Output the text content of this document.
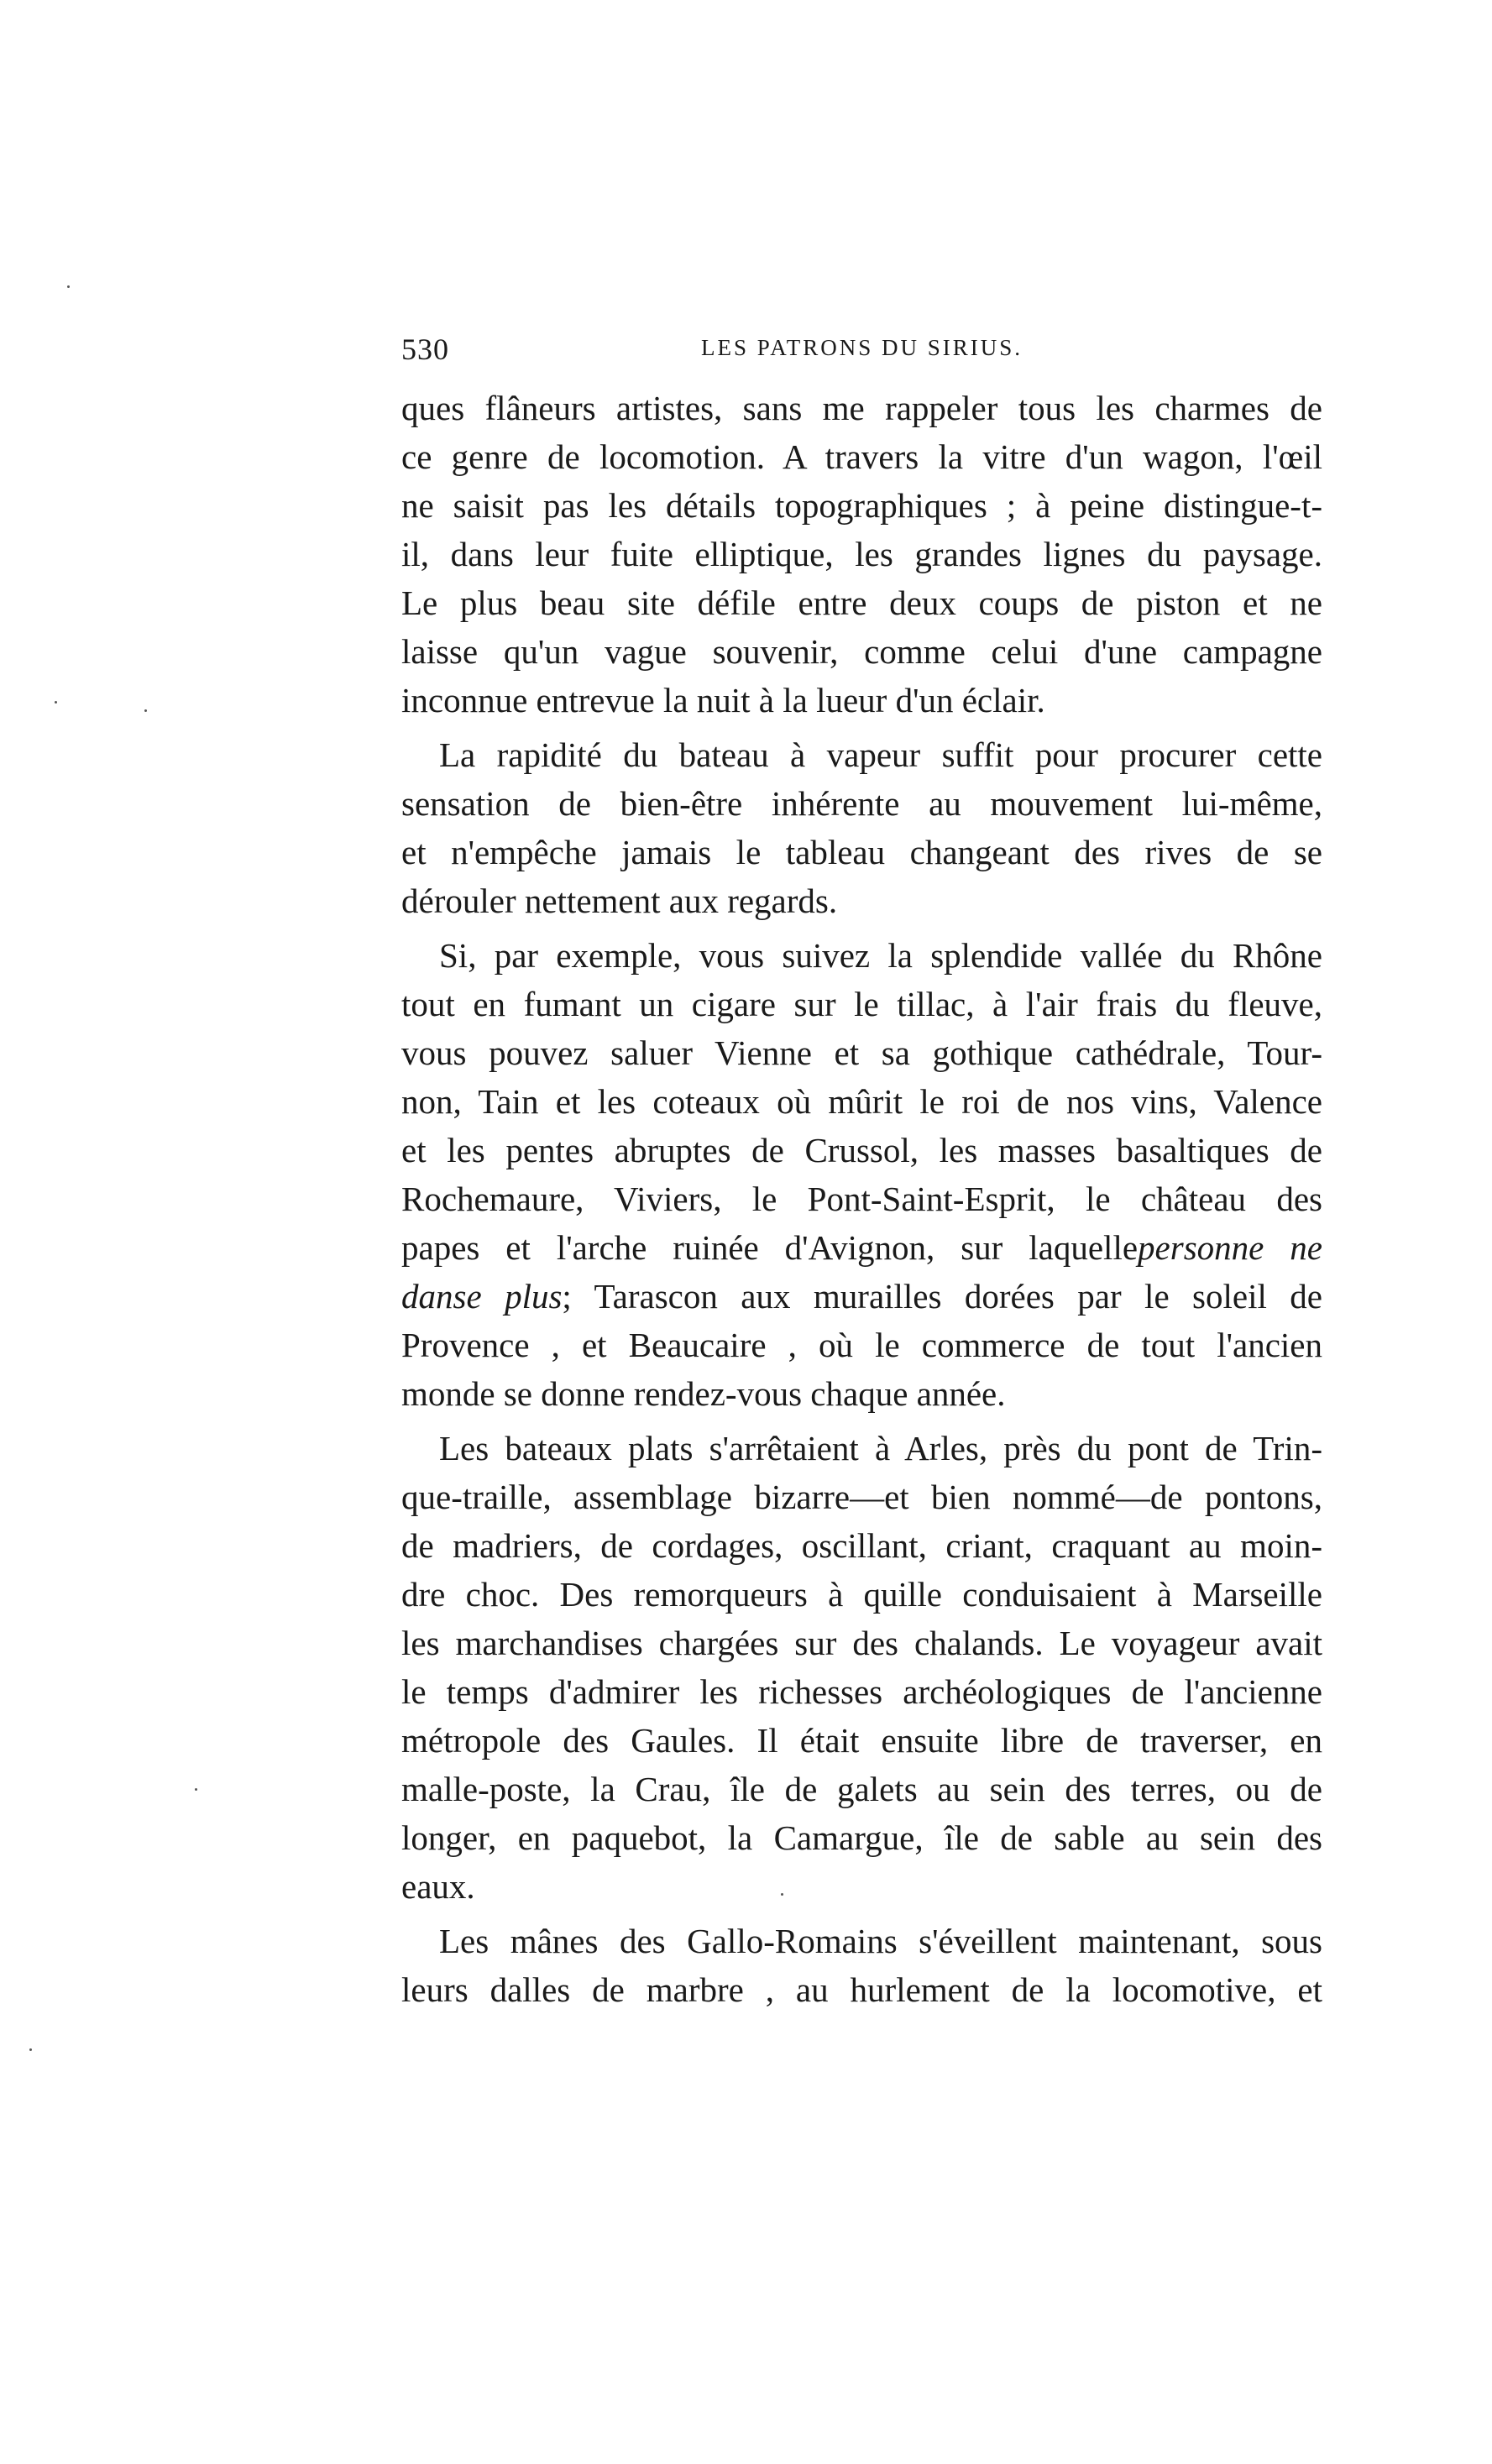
530	LES PATRONS DU SIRIUS.
ques flâneurs artistes, sans me rappeler tous les charmes de
ce genre de locomotion. A travers la vitre d'un wagon, l'œil
ne saisit pas les détails topographiques ; à peine distingue-t-
il, dans leur fuite elliptique, les grandes lignes du paysage.
Le plus beau site défile entre deux coups de piston et ne
laisse qu'un vague souvenir, comme celui d'une campagne
inconnue entrevue la nuit à la lueur d'un éclair.
La rapidité du bateau à vapeur suffit pour procurer cette
sensation de bien-être inhérente au mouvement lui-même,
et n'empêche jamais le tableau changeant des rives de se
dérouler nettement aux regards.
Si, par exemple, vous suivez la splendide vallée du Rhône
tout en fumant un cigare sur le tillac, à l'air frais du fleuve,
vous pouvez saluer Vienne et sa gothique cathédrale, Tour-
non, Tain et les coteaux où mûrit le roi de nos vins, Valence
et les pentes abruptes de Crussol, les masses basaltiques de
Rochemaure, Viviers, le Pont-Saint-Esprit, le château des
papes et l'arche ruinée d'Avignon, sur laquellepersonne ne
danse plus; Tarascon aux murailles dorées par le soleil de
Provence , et Beaucaire , où le commerce de tout l'ancien
monde se donne rendez-vous chaque année.
Les bateaux plats s'arrêtaient à Arles, près du pont de Trin-
que-traille, assemblage bizarre—et bien nommé—de pontons,
de madriers, de cordages, oscillant, criant, craquant au moin-
dre choc. Des remorqueurs à quille conduisaient à Marseille
les marchandises chargées sur des chalands. Le voyageur avait
le temps d'admirer les richesses archéologiques de l'ancienne
métropole des Gaules. Il était ensuite libre de traverser, en
malle-poste, la Crau, île de galets au sein des terres, ou de
longer, en paquebot, la Camargue, île de sable au sein des
eaux.
Les mânes des Gallo-Romains s'éveillent maintenant, sous
leurs dalles de marbre , au hurlement de la locomotive, et
